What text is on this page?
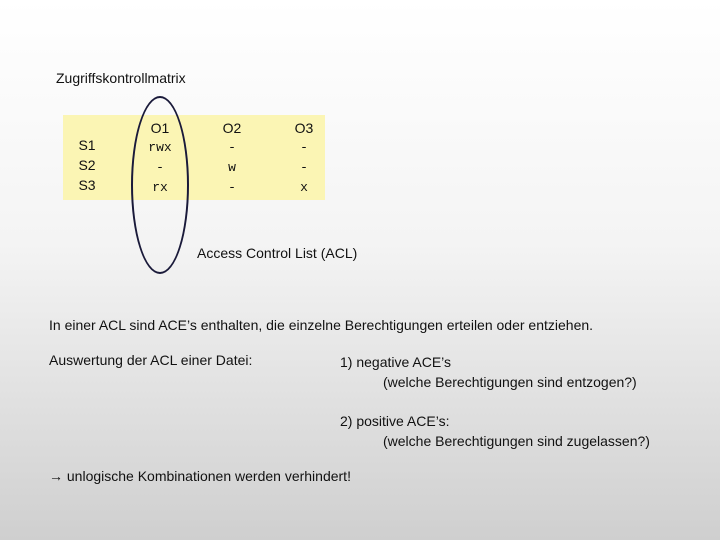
Zugriffskontrollmatrix
S1
S2
S3
O1
rwx
-
rx
O2
-
w
-
O3
-
-
x
Access Control List (ACL)
In einer ACL sind ACE’s enthalten, die einzelne Berechtigungen erteilen oder entziehen.
Auswertung der ACL einer Datei:	1) negative ACE’s
(welche Berechtigungen sind entzogen?)
2) positive ACE’s:
(welche Berechtigungen sind zugelassen?)
→ unlogische Kombinationen werden verhindert!
